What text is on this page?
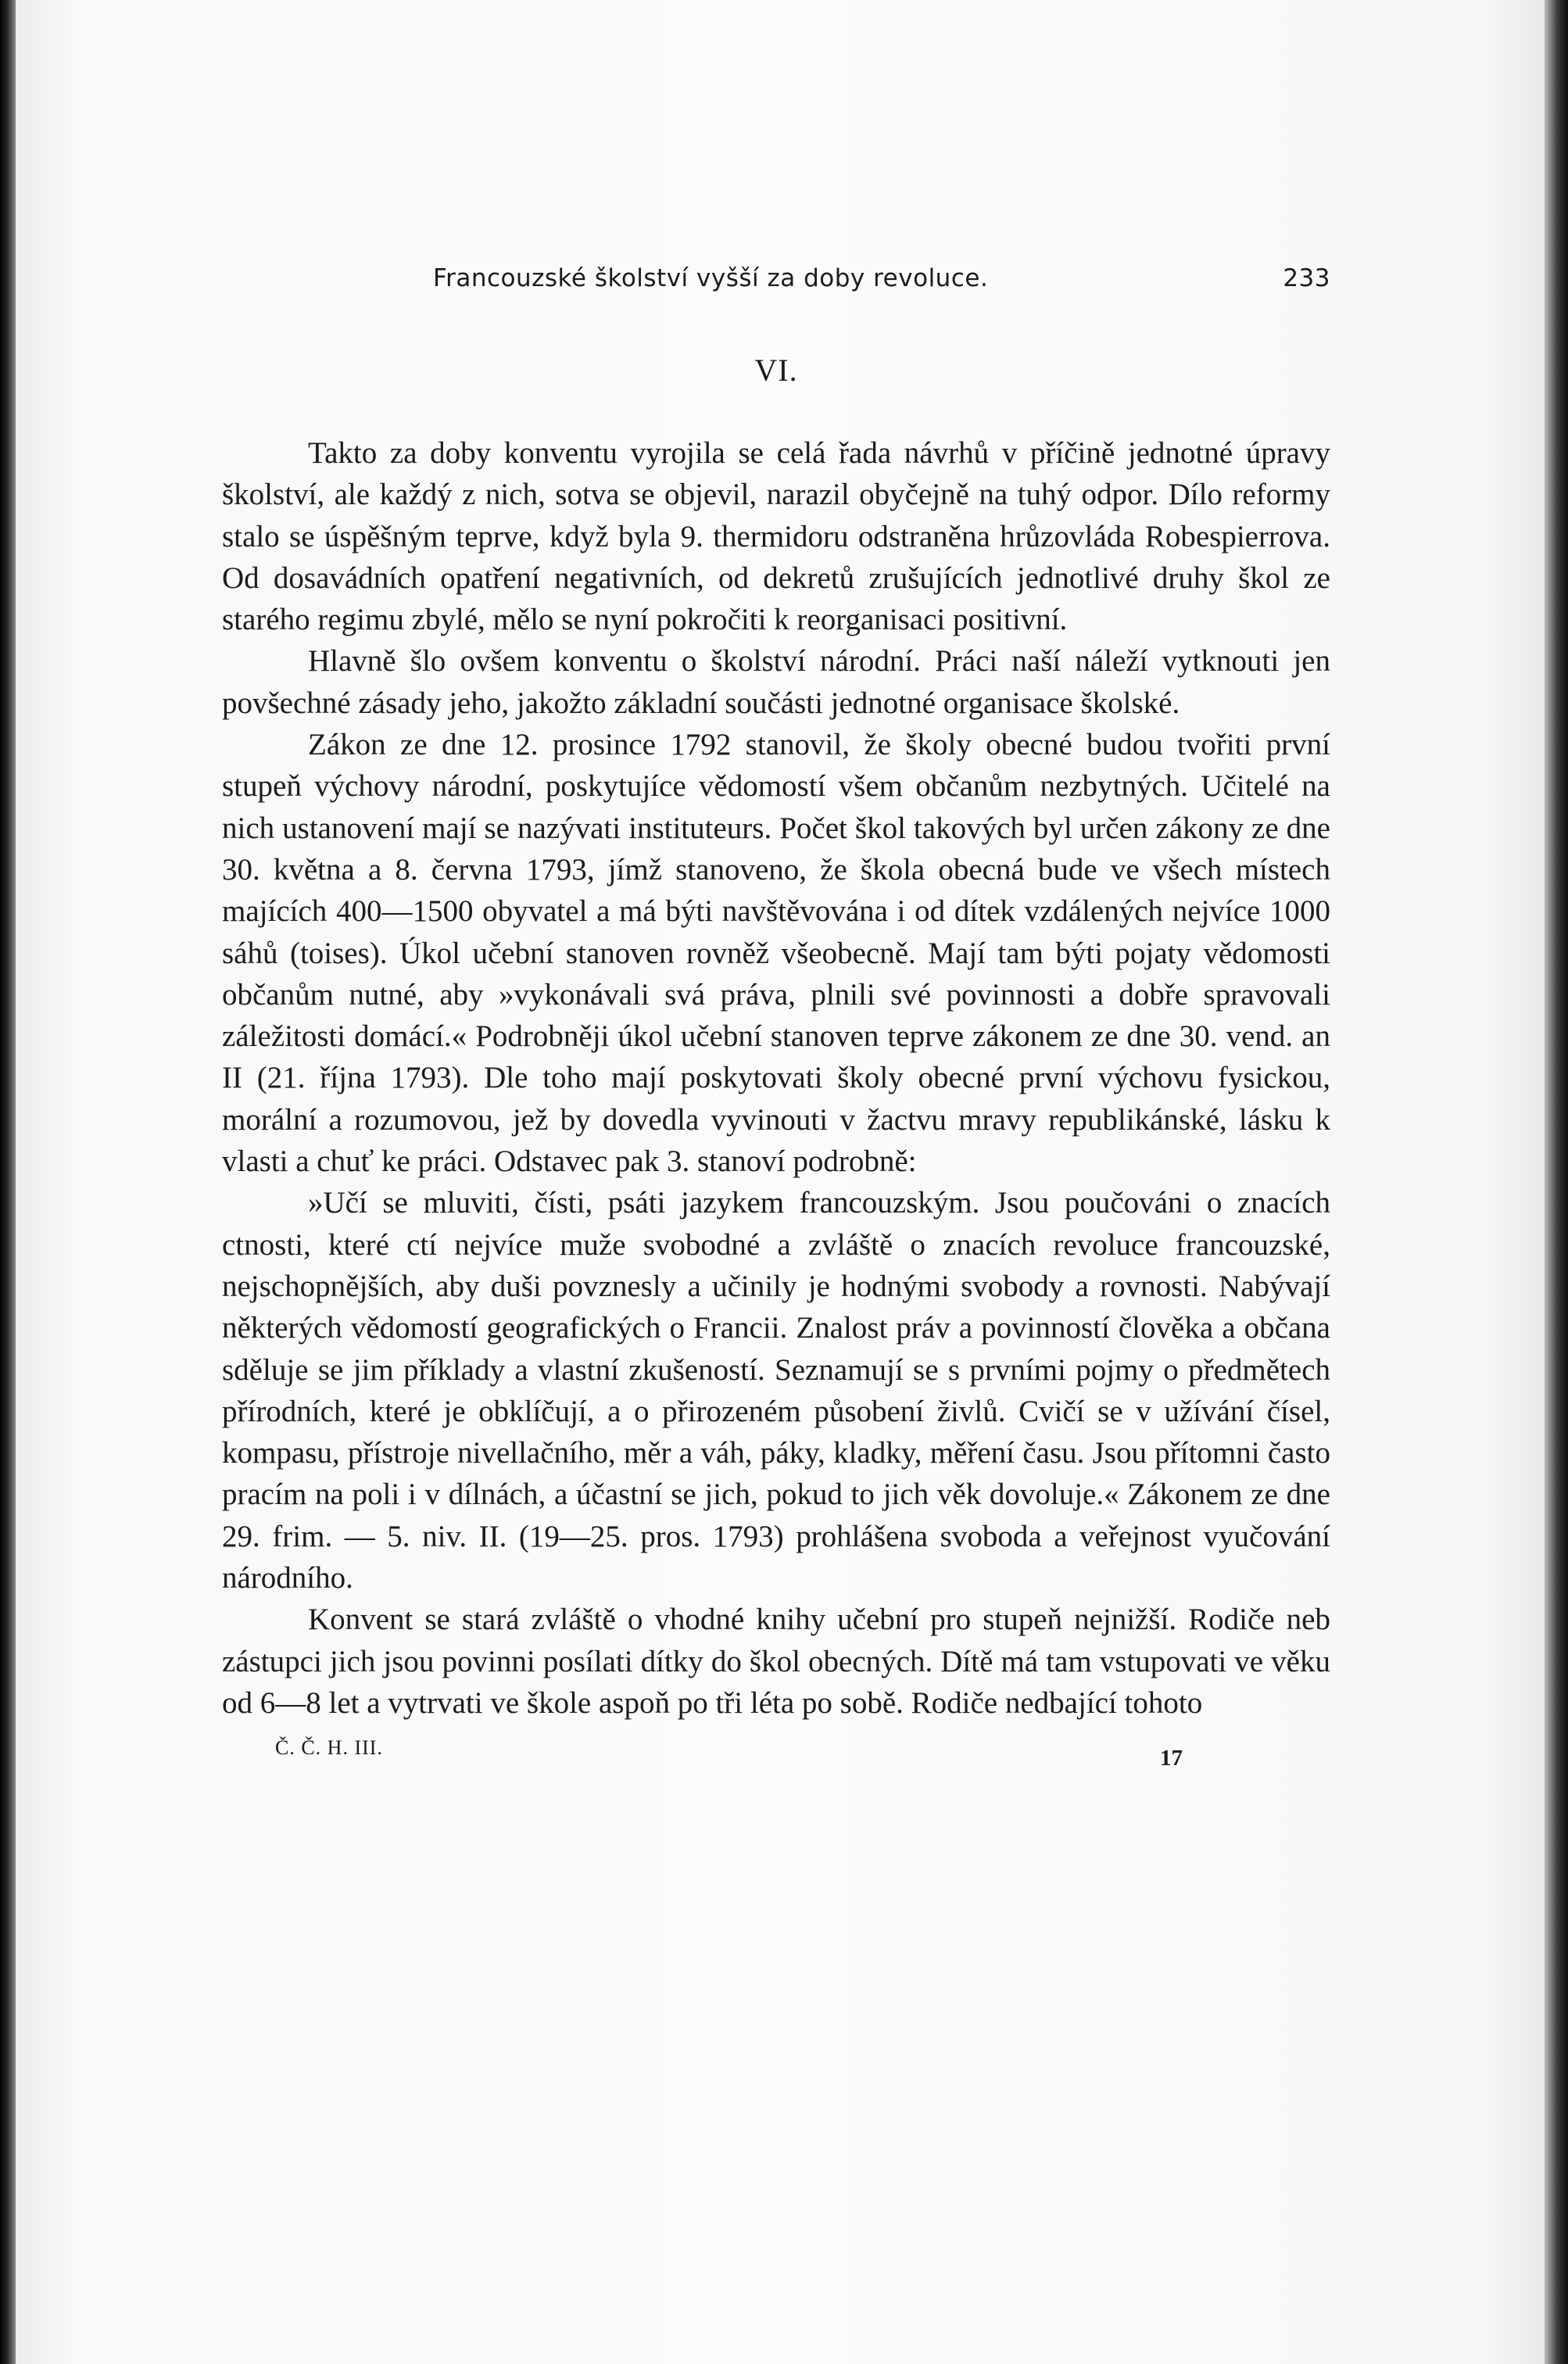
Francouzské školství vyšší za doby revoluce.	233
VI.

Takto za doby konventu vyrojila se celá řada návrhů v příčině jednotné úpravy školství, ale každý z nich, sotva se objevil, narazil obyčejně na tuhý odpor. Dílo reformy stalo se úspěšným teprve, když byla 9. thermidoru odstraněna hrůzovláda Robespierrova. Od dosavádních opatření negativních, od dekretů zrušujících jednotlivé druhy škol ze starého regimu zbylé, mělo se nyní pokročiti k reorganisaci positivní.

Hlavně šlo ovšem konventu o školství národní. Práci naší náleží vytknouti jen povšechné zásady jeho, jakožto základní součásti jednotné organisace školské.

Zákon ze dne 12. prosince 1792 stanovil, že školy obecné budou tvořiti první stupeň výchovy národní, poskytujíce vědomostí všem občanům nezbytných. Učitelé na nich ustanovení mají se nazývati instituteurs. Počet škol takových byl určen zákony ze dne 30. května a 8. června 1793, jímž stanoveno, že škola obecná bude ve všech místech majících 400—1500 obyvatel a má býti navštěvována i od dítek vzdálených nejvíce 1000 sáhů (toises). Úkol učební stanoven rovněž všeobecně. Mají tam býti pojaty vědomosti občanům nutné, aby »vykonávali svá práva, plnili své povinnosti a dobře spravovali záležitosti domácí.« Podrobněji úkol učební stanoven teprve zákonem ze dne 30. vend. an II (21. října 1793). Dle toho mají poskytovati školy obecné první výchovu fysickou, morální a rozumovou, jež by dovedla vyvinouti v žactvu mravy republikánské, lásku k vlasti a chuť ke práci. Odstavec pak 3. stanoví podrobně:

»Učí se mluviti, čísti, psáti jazykem francouzským. Jsou poučováni o znacích ctnosti, které ctí nejvíce muže svobodné a zvláště o znacích revoluce francouzské, nejschopnějších, aby duši povznesly a učinily je hodnými svobody a rovnosti. Nabývají některých vědomostí geografických o Francii. Znalost práv a povinností člověka a občana sděluje se jim příklady a vlastní zkušeností. Seznamují se s prvními pojmy o předmětech přírodních, které je obklíčují, a o přirozeném působení živlů. Cvičí se v užívání čísel, kompasu, přístroje nivellačního, měr a váh, páky, kladky, měření času. Jsou přítomni často pracím na poli i v dílnách, a účastní se jich, pokud to jich věk dovoluje.« Zákonem ze dne 29. frim. — 5. niv. II. (19—25. pros. 1793) prohlášena svoboda a veřejnost vyučování národního.

Konvent se stará zvláště o vhodné knihy učební pro stupeň nejnižší. Rodiče neb zástupci jich jsou povinni posílati dítky do škol obecných. Dítě má tam vstupovati ve věku od 6—8 let a vytrvati ve škole aspoň po tři léta po sobě. Rodiče nedbající tohoto

Č. Č. H. III.	17
